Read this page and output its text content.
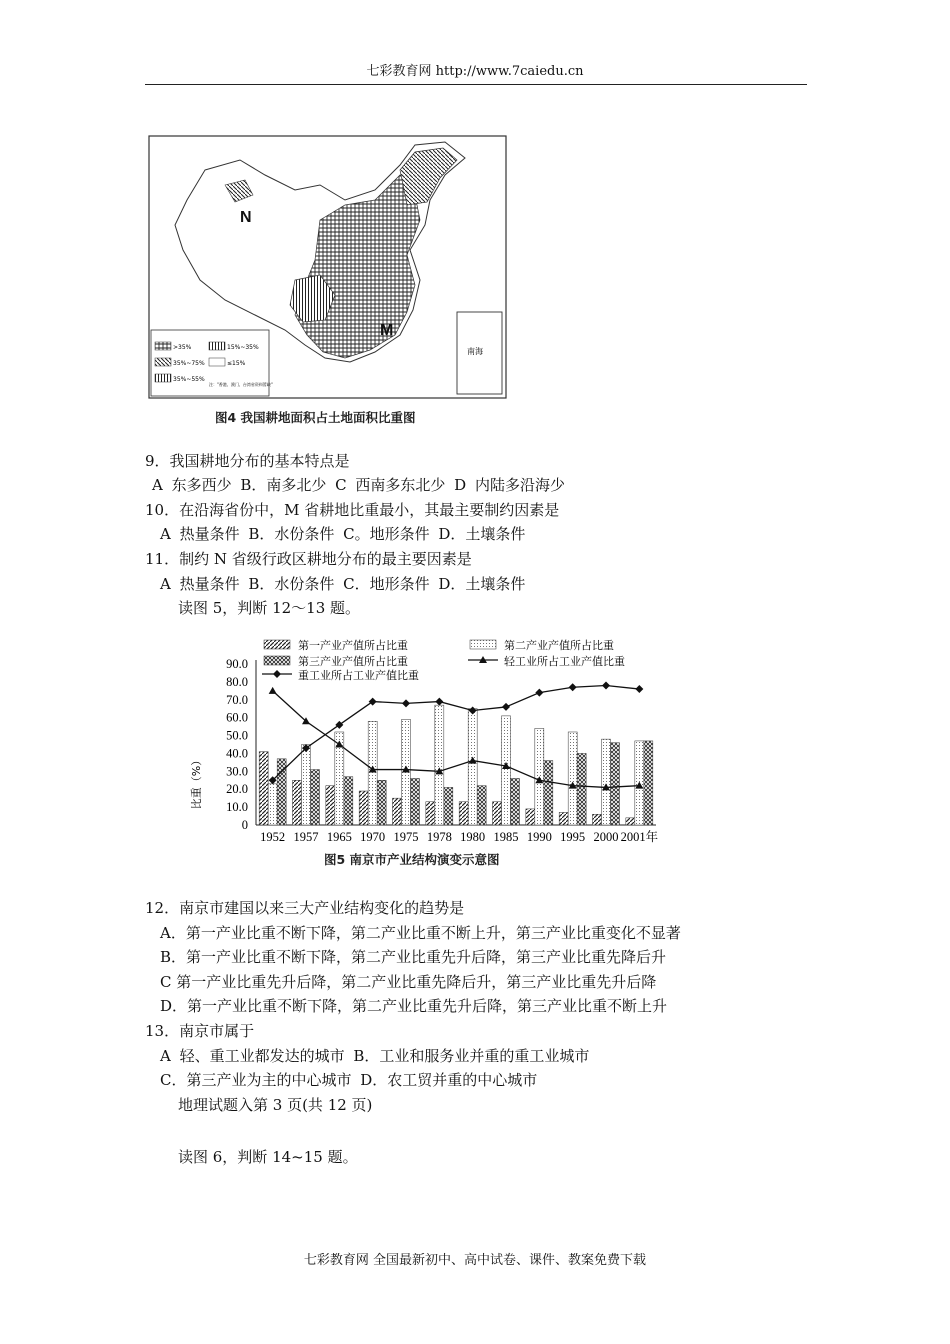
七彩教育网 http://www.7caiedu.cn
N
M
南海
>35%	15%~35%
35%~75%	≤15%
35%~55%
注："香港、澳门、台湾省资料暂缺"
图4 我国耕地面积占土地面积比重图
9．我国耕地分布的基本特点是
A 东多西少 B．南多北少 C 西南多东北少 D 内陆多沿海少
10．在沿海省份中，M 省耕地比重最小，其最主要制约因素是
A 热量条件 B．水份条件 C。地形条件 D．土壤条件
11．制约 N 省级行政区耕地分布的最主要因素是
A 热量条件 B．水份条件 C．地形条件 D．土壤条件
读图 5，判断 12～13 题。
第一产业产值所占比重	第二产业产值所占比重
第三产业产值所占比重	轻工业所占工业产值比重
重工业所占工业产值比重
0
10.0
20.0
30.0
40.0
50.0
60.0
70.0
80.0
90.0
1952 1957 1965 1970 1975 1978 1980 1985 1990 1995 2000 2001年
比重（%）
图5 南京市产业结构演变示意图
12．南京市建国以来三大产业结构变化的趋势是
A．第一产业比重不断下降，第二产业比重不断上升，第三产业比重变化不显著
B．第一产业比重不断下降，第二产业比重先升后降，第三产业比重先降后升
C 第一产业比重先升后降，第二产业比重先降后升，第三产业比重先升后降
D．第一产业比重不断下降，第二产业比重先升后降，第三产业比重不断上升
13．南京市属于
A 轻、重工业都发达的城市 B．工业和服务业并重的重工业城市
C．第三产业为主的中心城市 D．农工贸并重的中心城市
地理试题入第 3 页(共 12 页)
读图 6，判断 14~15 题。
七彩教育网 全国最新初中、高中试卷、课件、教案免费下载
